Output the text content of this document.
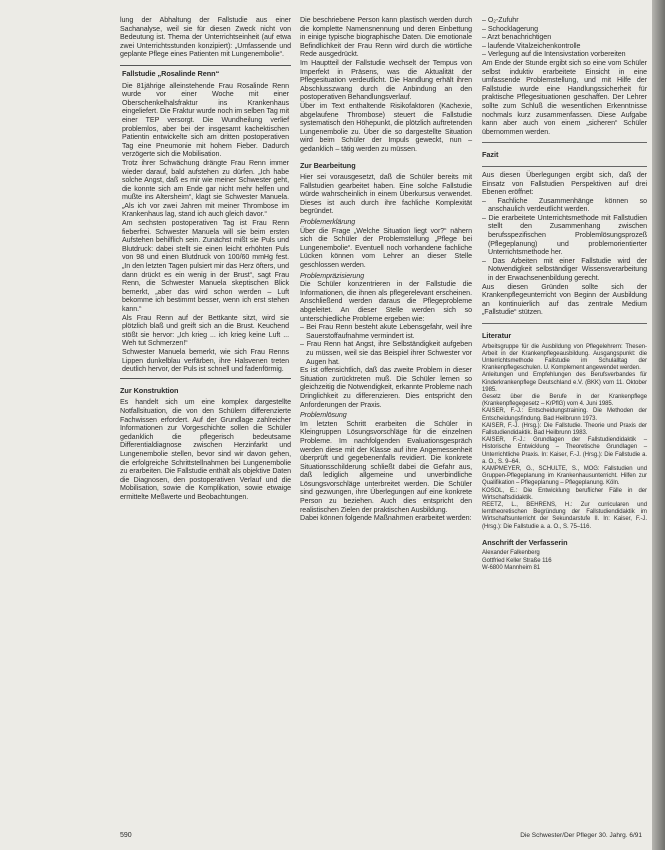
lung der Abhaltung der Fallstudie aus einer Sachanalyse, weil sie für diesen Zweck nicht von Bedeutung ist. Thema der Unterrichtseinheit (auf etwa zwei Unterrichtsstunden konzipiert): „Umfassende und geplante Pflege eines Patienten mit Lungenembolie“.

Fallstudie „Rosalinde Renn“

Die 81jährige alleinstehende Frau Rosalinde Renn wurde vor einer Woche mit einer Oberschenkelhalsfraktur ins Krankenhaus eingeliefert. Die Fraktur wurde noch im selben Tag mit einer TEP versorgt. Die Wundheilung verlief problemlos, aber bei der insgesamt kachektischen Patientin entwickelte sich am dritten postoperativen Tag eine Pneumonie mit hohem Fieber. Dadurch verzögerte sich die Mobilisation.

Trotz ihrer Schwächung drängte Frau Renn immer wieder darauf, bald aufstehen zu dürfen. „Ich habe solche Angst, daß es mir wie meiner Schwester geht, die konnte sich am Ende gar nicht mehr helfen und mußte ins Altersheim“, klagt sie Schwester Manuela. „Als ich vor zwei Jahren mit meiner Thrombose im Krankenhaus lag, stand ich auch gleich davor.“

Am sechsten postoperativen Tag ist Frau Renn fieberfrei. Schwester Manuela will sie beim ersten Aufstehen behilflich sein. Zunächst mißt sie Puls und Blutdruck: dabei stellt sie einen leicht erhöhten Puls von 98 und einen Blutdruck von 100/60 mmHg fest. „In den letzten Tagen pulsiert mir das Herz öfters, und dann drückt es ein wenig in der Brust“, sagt Frau Renn, die Schwester Manuela skeptischen Blick bemerkt, „aber das wird schon werden – Luft bekomme ich bestimmt besser, wenn ich erst stehen kann.“

Als Frau Renn auf der Bettkante sitzt, wird sie plötzlich blaß und greift sich an die Brust. Keuchend stößt sie hervor: „Ich krieg ... ich krieg keine Luft ... Weh tut Schmerzen!“

Schwester Manuela bemerkt, wie sich Frau Renns Lippen dunkelblau verfärben, ihre Halsvenen treten deutlich hervor, der Puls ist schnell und fadenförmig.

Zur Konstruktion

Es handelt sich um eine komplex dargestellte Notfallsituation, die von den Schülern differenzierte Fachwissen erfordert. Auf der Grundlage zahlreicher Informationen zur Vorgeschichte sollen die Schüler gedanklich die pflegerisch bedeutsame Differentialdiagnose zwischen Herzinfarkt und Lungenembolie stellen, bevor sind wir davon gehen, die erfolgreiche Schrittstellnahmen bei Lungenembolie zu erarbeiten. Die Fallstudie enthält als objektive Daten die Diagnosen, den postoperativen Verlauf und die Mobilisation, sowie die Komplikation, sowie etwaige ermittelte Meßwerte und Beobachtungen.

Die beschriebene Person kann plastisch werden durch die komplette Namensnennung und deren Einbettung in einige typische biographische Daten. Die emotionale Befindlichkeit der Frau Renn wird durch die wörtliche Rede ausgedrückt.

Im Hauptteil der Fallstudie wechselt der Tempus von Imperfekt in Präsens, was die Aktualität der Pflegesituation verdeutlicht. Die Handlung erhält ihren Abschlusszwang durch die Anbindung an den postoperativen Behandlungsverlauf.

Über im Text enthaltende Risikofaktoren (Kachexie, abgelaufene Thrombose) steuert die Fallstudie systematisch den Höhepunkt, die plötzlich auftretenden Lungenembolie zu. Über die so dargestellte Situation wird beim Schüler der Impuls geweckt, nun – gedanklich – tätig werden zu müssen.

Zur Bearbeitung

Hier sei vorausgesetzt, daß die Schüler bereits mit Fallstudien gearbeitet haben. Eine solche Fallstudie würde wahrscheinlich in einem Überkursus verwendet. Dieses ist auch durch ihre fachliche Komplexität begründet.

Problemerklärung

Über die Frage „Welche Situation liegt vor?“ nähern sich die Schüler der Problemstellung „Pflege bei Lungenembolie“. Eventuell noch vorhandene fachliche Lücken können vom Lehrer an dieser Stelle geschlossen werden.

Problempräzisierung

Die Schüler konzentrieren in der Fallstudie die Informationen, die ihnen als pflegerelevant erscheinen. Anschließend werden daraus die Pflegeprobleme abgeleitet. An dieser Stelle werden sich so unterschiedliche Probleme ergeben wie:

– Bei Frau Renn besteht akute Lebensgefahr, weil ihre Sauerstoffaufnahme vermindert ist.

– Frau Renn hat Angst, ihre Selbständigkeit aufgeben zu müssen, weil sie das Beispiel ihrer Schwester vor Augen hat.

Es ist offensichtlich, daß das zweite Problem in dieser Situation zurücktreten muß. Die Schüler lernen so gleichzeitig die Notwendigkeit, erkannte Probleme nach Dringlichkeit zu differenzieren. Dies entspricht den Anforderungen der Praxis.

Problemlösung

Im letzten Schritt erarbeiten die Schüler in Kleingruppen Lösungsvorschläge für die einzelnen Probleme. Im nachfolgenden Evaluationsgespräch werden diese mit der Klasse auf ihre Angemessenheit überprüft und gegebenenfalls revidiert. Die konkrete Situationsschilderung schließt dabei die Gefahr aus, daß lediglich allgemeine und unverbindliche Lösungsvorschläge unterbreitet werden. Die Schüler sind gezwungen, ihre Überlegungen auf eine konkrete Person zu beziehen. Auch dies entspricht den realistischen Zielen der praktischen Ausbildung.

Dabei können folgende Maßnahmen erarbeitet werden:

– O₂-Zufuhr

– Schocklagerung

– Arzt benachrichtigen

– laufende Vitalzeichenkontrolle

– Verlegung auf die Intensivstation vorbereiten

Am Ende der Stunde ergibt sich so eine vom Schüler selbst induktiv erarbeitete Einsicht in eine umfassende Problemstellung, und mit Hilfe der Fallstudie wurde eine Handlungssicherheit für praktische Pflegesituationen geschaffen. Der Lehrer sollte zum Schluß die wesentlichen Erkenntnisse nochmals kurz zusammenfassen. Diese Aufgabe kann aber auch von einem „sicheren“ Schüler übernommen werden.

Fazit

Aus diesen Überlegungen ergibt sich, daß der Einsatz von Fallstudien Perspektiven auf drei Ebenen eröffnet:

– Fachliche Zusammenhänge können so anschaulich verdeutlicht werden.

– Die erarbeitete Unterrichtsmethode mit Fallstudien stellt den Zusammenhang zwischen berufsspezifischen Problemlösungsprozeß (Pflegeplanung) und problemorientierter Unterrichtsmethode her.

– Das Arbeiten mit einer Fallstudie wird der Notwendigkeit selbständiger Wissensverarbeitung in der Erwachsenenbildung gerecht.

Aus diesen Gründen sollte sich der Krankenpflegeunterricht von Beginn der Ausbildung an kontinuierlich auf das zentrale Medium „Fallstudie“ stützen.

Literatur

Arbeitsgruppe für die Ausbildung von Pflegelehrern: Thesen-Arbeit in der Krankenpflegeausbildung. Ausgangspunkt: die Unterrichtsmethode Fallstudie im Schulalltag der Krankenpflegeschulen. U. Komplement angewendet werden.

Anleitungen und Empfehlungen des Berufsverbandes für Kinderkrankenpflege Deutschland e.V. (BKK) vom 11. Oktober 1985.

Gesetz über die Berufe in der Krankenpflege (Krankenpflegegesetz – KrPflG) vom 4. Juni 1985.

KAISER, F.-J.: Entscheidungstraining. Die Methoden der Entscheidungsfindung. Bad Heilbrunn 1973.

KAISER, F.-J. (Hrsg.): Die Fallstudie. Theorie und Praxis der Fallstudiendidaktik. Bad Heilbrunn 1983.

KAISER, F.-J.: Grundlagen der Fallstudiendidaktik – Historische Entwicklung – Theoretische Grundlagen – Unterrichtliche Praxis. In: Kaiser, F.-J. (Hrsg.): Die Fallstudie a. a. O., S. 9–64.

KAMPMEYER, G., SCHULTE, S., MOG: Fallstudien und Gruppen-Pflegeplanung im Krankenhausunterricht. Hilfen zur Qualifikation – Pflegeplanung – Pflegeplanung. Köln.

KOSOL, E.: Die Entwicklung beruflicher Fälle in der Wirtschaftsdidaktik.

REETZ, L., BEHRENS, H.: Zur curricularen und lerntheoretischen Begründung der Fallstudiendidaktik im Wirtschaftsunterricht der Sekundarstufe II. In: Kaiser, F.-J. (Hrsg.): Die Fallstudie a. a. O., S. 75–116.

Anschrift der Verfasserin

Alexander Falkenberg

Gottfried Keller Straße 116

W-6800 Mannheim 81

590	Die Schwester/Der Pfleger 30. Jahrg. 6/91
